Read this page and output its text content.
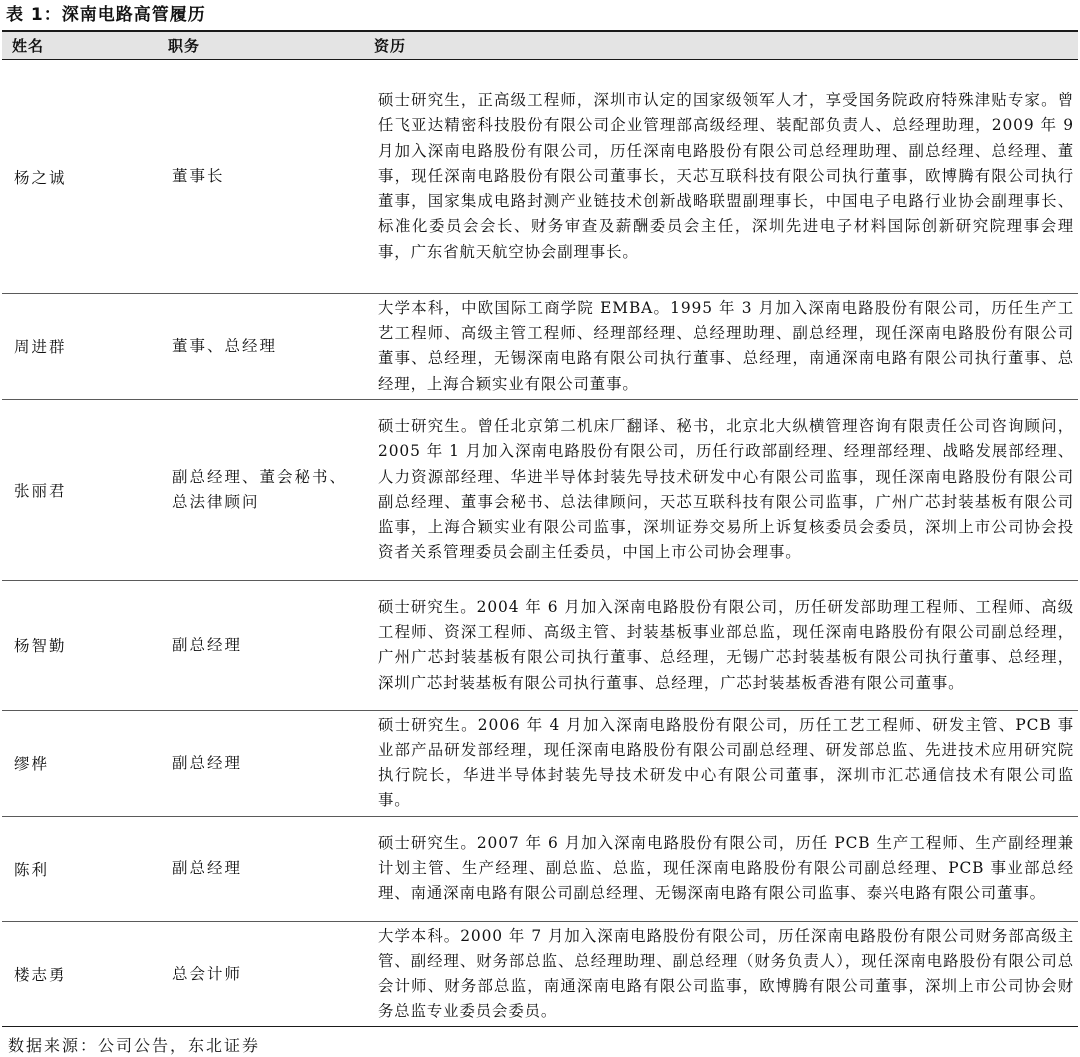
表 1：深南电路高管履历
姓名	职务	资历
杨之诚	董事长	硕士研究生，正高级工程师，深圳市认定的国家级领军人才，享受国务院政府特殊津贴专家。曾任飞亚达精密科技股份有限公司企业管理部高级经理、装配部负责人、总经理助理，2009 年 9 月加入深南电路股份有限公司，历任深南电路股份有限公司总经理助理、副总经理、总经理、董事，现任深南电路股份有限公司董事长，天芯互联科技有限公司执行董事，欧博腾有限公司执行董事，国家集成电路封测产业链技术创新战略联盟副理事长，中国电子电路行业协会副理事长、标准化委员会会长、财务审查及薪酬委员会主任，深圳先进电子材料国际创新研究院理事会理事，广东省航天航空协会副理事长。
周进群	董事、总经理	大学本科，中欧国际工商学院 EMBA。1995 年 3 月加入深南电路股份有限公司，历任生产工艺工程师、高级主管工程师、经理部经理、总经理助理、副总经理，现任深南电路股份有限公司董事、总经理，无锡深南电路有限公司执行董事、总经理，南通深南电路有限公司执行董事、总经理，上海合颖实业有限公司董事。
张丽君	副总经理、董会秘书、总法律顾问	硕士研究生。曾任北京第二机床厂翻译、秘书，北京北大纵横管理咨询有限责任公司咨询顾问，2005 年 1 月加入深南电路股份有限公司，历任行政部副经理、经理部经理、战略发展部经理、人力资源部经理、华进半导体封装先导技术研发中心有限公司监事，现任深南电路股份有限公司副总经理、董事会秘书、总法律顾问，天芯互联科技有限公司监事，广州广芯封装基板有限公司监事，上海合颖实业有限公司监事，深圳证券交易所上诉复核委员会委员，深圳上市公司协会投资者关系管理委员会副主任委员，中国上市公司协会理事。
杨智勤	副总经理	硕士研究生。2004 年 6 月加入深南电路股份有限公司，历任研发部助理工程师、工程师、高级工程师、资深工程师、高级主管、封装基板事业部总监，现任深南电路股份有限公司副总经理，广州广芯封装基板有限公司执行董事、总经理，无锡广芯封装基板有限公司执行董事、总经理，深圳广芯封装基板有限公司执行董事、总经理，广芯封装基板香港有限公司董事。
缪桦	副总经理	硕士研究生。2006 年 4 月加入深南电路股份有限公司，历任工艺工程师、研发主管、PCB 事业部产品研发部经理，现任深南电路股份有限公司副总经理、研发部总监、先进技术应用研究院执行院长，华进半导体封装先导技术研发中心有限公司董事，深圳市汇芯通信技术有限公司监事。
陈利	副总经理	硕士研究生。2007 年 6 月加入深南电路股份有限公司，历任 PCB 生产工程师、生产副经理兼计划主管、生产经理、副总监、总监，现任深南电路股份有限公司副总经理、PCB 事业部总经理、南通深南电路有限公司副总经理、无锡深南电路有限公司监事、泰兴电路有限公司董事。
楼志勇	总会计师	大学本科。2000 年 7 月加入深南电路股份有限公司，历任深南电路股份有限公司财务部高级主管、副经理、财务部总监、总经理助理、副总经理（财务负责人），现任深南电路股份有限公司总会计师、财务部总监，南通深南电路有限公司监事，欧博腾有限公司董事，深圳上市公司协会财务总监专业委员会委员。
数据来源：公司公告，东北证券
